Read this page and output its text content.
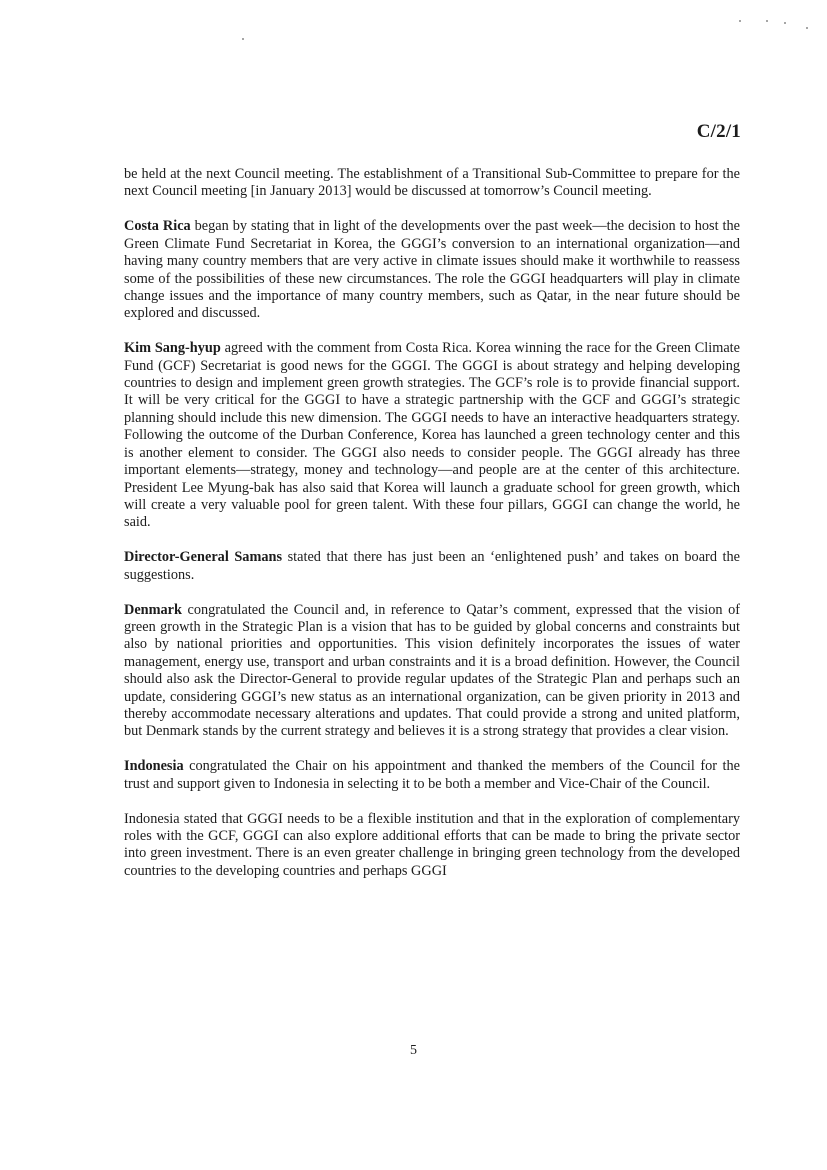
C/2/1

be held at the next Council meeting. The establishment of a Transitional Sub-Committee to prepare for the next Council meeting [in January 2013] would be discussed at tomorrow’s Council meeting.

Costa Rica began by stating that in light of the developments over the past week—the decision to host the Green Climate Fund Secretariat in Korea, the GGGI’s conversion to an international organization—and having many country members that are very active in climate issues should make it worthwhile to reassess some of the possibilities of these new circumstances. The role the GGGI headquarters will play in climate change issues and the importance of many country members, such as Qatar, in the near future should be explored and discussed.

Kim Sang-hyup agreed with the comment from Costa Rica. Korea winning the race for the Green Climate Fund (GCF) Secretariat is good news for the GGGI. The GGGI is about strategy and helping developing countries to design and implement green growth strategies. The GCF’s role is to provide financial support. It will be very critical for the GGGI to have a strategic partnership with the GCF and GGGI’s strategic planning should include this new dimension. The GGGI needs to have an interactive headquarters strategy. Following the outcome of the Durban Conference, Korea has launched a green technology center and this is another element to consider. The GGGI also needs to consider people. The GGGI already has three important elements—strategy, money and technology—and people are at the center of this architecture. President Lee Myung-bak has also said that Korea will launch a graduate school for green growth, which will create a very valuable pool for green talent. With these four pillars, GGGI can change the world, he said.

Director-General Samans stated that there has just been an ‘enlightened push’ and takes on board the suggestions.

Denmark congratulated the Council and, in reference to Qatar’s comment, expressed that the vision of green growth in the Strategic Plan is a vision that has to be guided by global concerns and constraints but also by national priorities and opportunities. This vision definitely incorporates the issues of water management, energy use, transport and urban constraints and it is a broad definition. However, the Council should also ask the Director-General to provide regular updates of the Strategic Plan and perhaps such an update, considering GGGI’s new status as an international organization, can be given priority in 2013 and thereby accommodate necessary alterations and updates. That could provide a strong and united platform, but Denmark stands by the current strategy and believes it is a strong strategy that provides a clear vision.

Indonesia congratulated the Chair on his appointment and thanked the members of the Council for the trust and support given to Indonesia in selecting it to be both a member and Vice-Chair of the Council.

Indonesia stated that GGGI needs to be a flexible institution and that in the exploration of complementary roles with the GCF, GGGI can also explore additional efforts that can be made to bring the private sector into green investment. There is an even greater challenge in bringing green technology from the developed countries to the developing countries and perhaps GGGI

5
